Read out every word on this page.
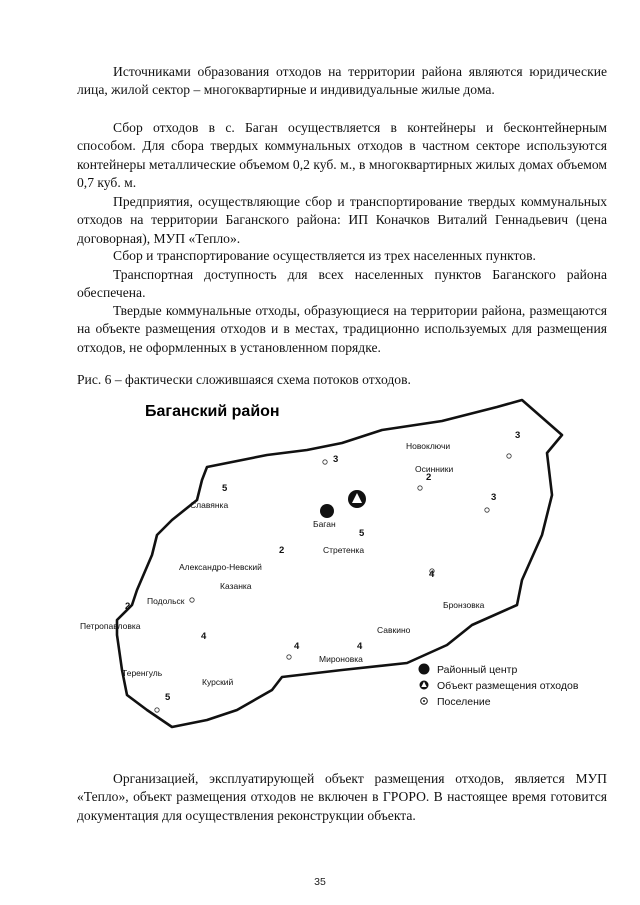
Источниками образования отходов на территории района являются юридические лица, жилой сектор – многоквартирные и индивидуальные жилые дома.

Сбор отходов в с. Баган осуществляется в контейнеры и бесконтейнерным способом. Для сбора твердых коммунальных отходов в частном секторе используются контейнеры металлические объемом 0,2 куб. м., в многоквартирных жилых домах объемом 0,7 куб. м.

Предприятия, осуществляющие сбор и транспортирование твердых коммунальных отходов на территории Баганского района: ИП Коначков Виталий Геннадьевич (цена договорная), МУП «Тепло».

Сбор и транспортирование осуществляется из трех населенных пунктов.

Транспортная доступность для всех населенных пунктов Баганского района обеспечена.

Твердые коммунальные отходы, образующиеся на территории района, размещаются на объекте размещения отходов и в местах, традиционно используемых для размещения отходов, не оформленных в установленном порядке.

Рис. 6 – фактически сложившаяся схема потоков отходов.

Баганский район
Новоключи
Осинники
Славянка
Баган
Стретенка
Александро-Невский
Казанка
Подольск
Петропавловка
Бронзовка
Савкино
Мироновка
Теренгуль
Курский
3
3
2
3
5
5
2
4
2
4
4	4
5
Районный центр
Объект размещения отходов
Поселение

Организацией, эксплуатирующей объект размещения отходов, является МУП «Тепло», объект размещения отходов не включен в ГРОРО. В настоящее время готовится документация для осуществления реконструкции объекта.

35
